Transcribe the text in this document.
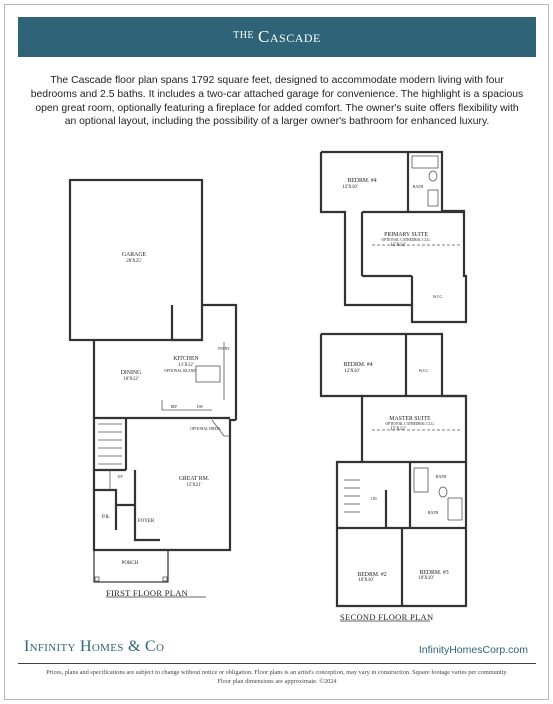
THE Cascade

The Cascade floor plan spans 1792 square feet, designed to accommodate modern living with four bedrooms and 2.5 baths. It includes a two-car attached garage for convenience. The highlight is a spacious open great room, optionally featuring a fireplace for added comfort. The owner's suite offers flexibility with an optional layout, including the possibility of a larger owner's bathroom for enhanced luxury.

GARAGE
20'X25'
KITCHEN
11'X12'
OPTIONAL ISLAND
DINING
10'X12'
GREAT RM.
15'X21'
FOYER
PORCH
P.R.
PNTRY
OPTIONAL FIREPL.
UP
REF	DW
BEDRM. #4
12'X10'	BATH
PRIMARY SUITE
OPTIONAL CATHEDRAL CLG.
15'X12'
W.I.C.
BEDRM. #4
12'X10'	W.I.C.
MASTER SUITE
OPTIONAL CATHEDRAL CLG.
15'X12'
BATH
BATH
LIN.
BEDRM. #2
10'X10'
BEDRM. #3
10'X10'
FIRST FLOOR PLAN
SECOND FLOOR PLAN
Infinity Homes & Co	InfinityHomesCorp.com

Prices, plans and specifications are subject to change without notice or obligation. Floor plans is an artist's conception, may vary in construction. Square footage varies per community. Floor plan dimensions are approximate. ©2024
